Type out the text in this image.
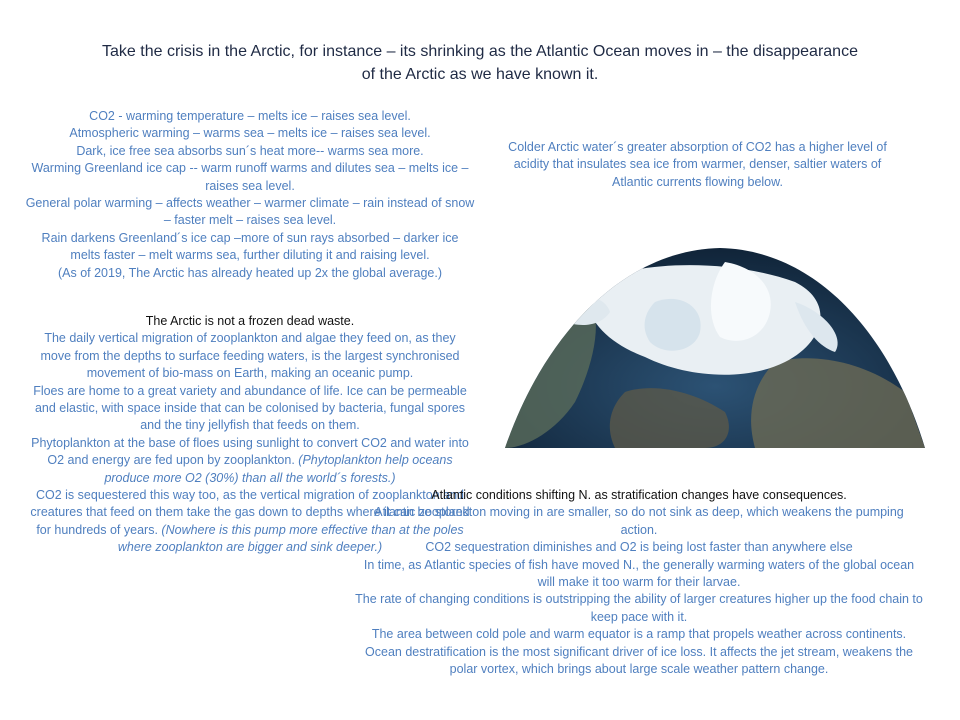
Take the crisis in the Arctic, for instance – its shrinking as the Atlantic Ocean moves in – the disappearance of the Arctic as we have known it.

CO2 - warming temperature – melts ice – raises sea level.

Atmospheric warming – warms sea – melts ice – raises sea level.

Dark, ice free sea absorbs sun´s heat more-- warms sea more.

Warming Greenland ice cap -- warm runoff warms and dilutes sea – melts ice – raises sea level.

General polar warming – affects weather – warmer climate – rain instead of snow – faster melt – raises sea level.

Rain darkens Greenland´s ice cap –more of sun rays absorbed – darker ice melts faster – melt warms sea, further diluting it and raising level.

(As of 2019, The Arctic has already heated up 2x the global average.)

Colder Arctic water´s greater absorption of CO2 has a higher level of acidity that insulates sea ice from warmer, denser, saltier waters of Atlantic currents flowing below.

The Arctic is not a frozen dead waste.

The daily vertical migration of zooplankton and algae they feed on, as they move from the depths to surface feeding waters, is the largest synchronised movement of bio-mass on Earth, making an oceanic pump.

Floes are home to a great variety and abundance of life. Ice can be permeable and elastic, with space inside that can be colonised by bacteria, fungal spores and the tiny jellyfish that feeds on them.

Phytoplankton at the base of floes using sunlight to convert CO2 and water into O2 and energy are fed upon by zooplankton. (Phytoplankton help oceans produce more O2 (30%) than all the world´s forests.)

CO2 is sequestered this way too, as the vertical migration of zooplankton and creatures that feed on them take the gas down to depths where it can be stored for hundreds of years. (Nowhere is this pump more effective than at the poles where zooplankton are bigger and sink deeper.)

Atlantic conditions shifting N. as stratification changes have consequences.

Atlantic zooplankton moving in are smaller, so do not sink as deep, which weakens the pumping action.

CO2 sequestration diminishes and O2 is being lost faster than anywhere else

In time, as Atlantic species of fish have moved N., the generally warming waters of the global ocean will make it too warm for their larvae.

The rate of changing conditions is outstripping the ability of larger creatures higher up the food chain to keep pace with it.

The area between cold pole and warm equator is a ramp that propels weather across continents. Ocean destratification is the most significant driver of ice loss. It affects the jet stream, weakens the polar vortex, which brings about large scale weather pattern change.
